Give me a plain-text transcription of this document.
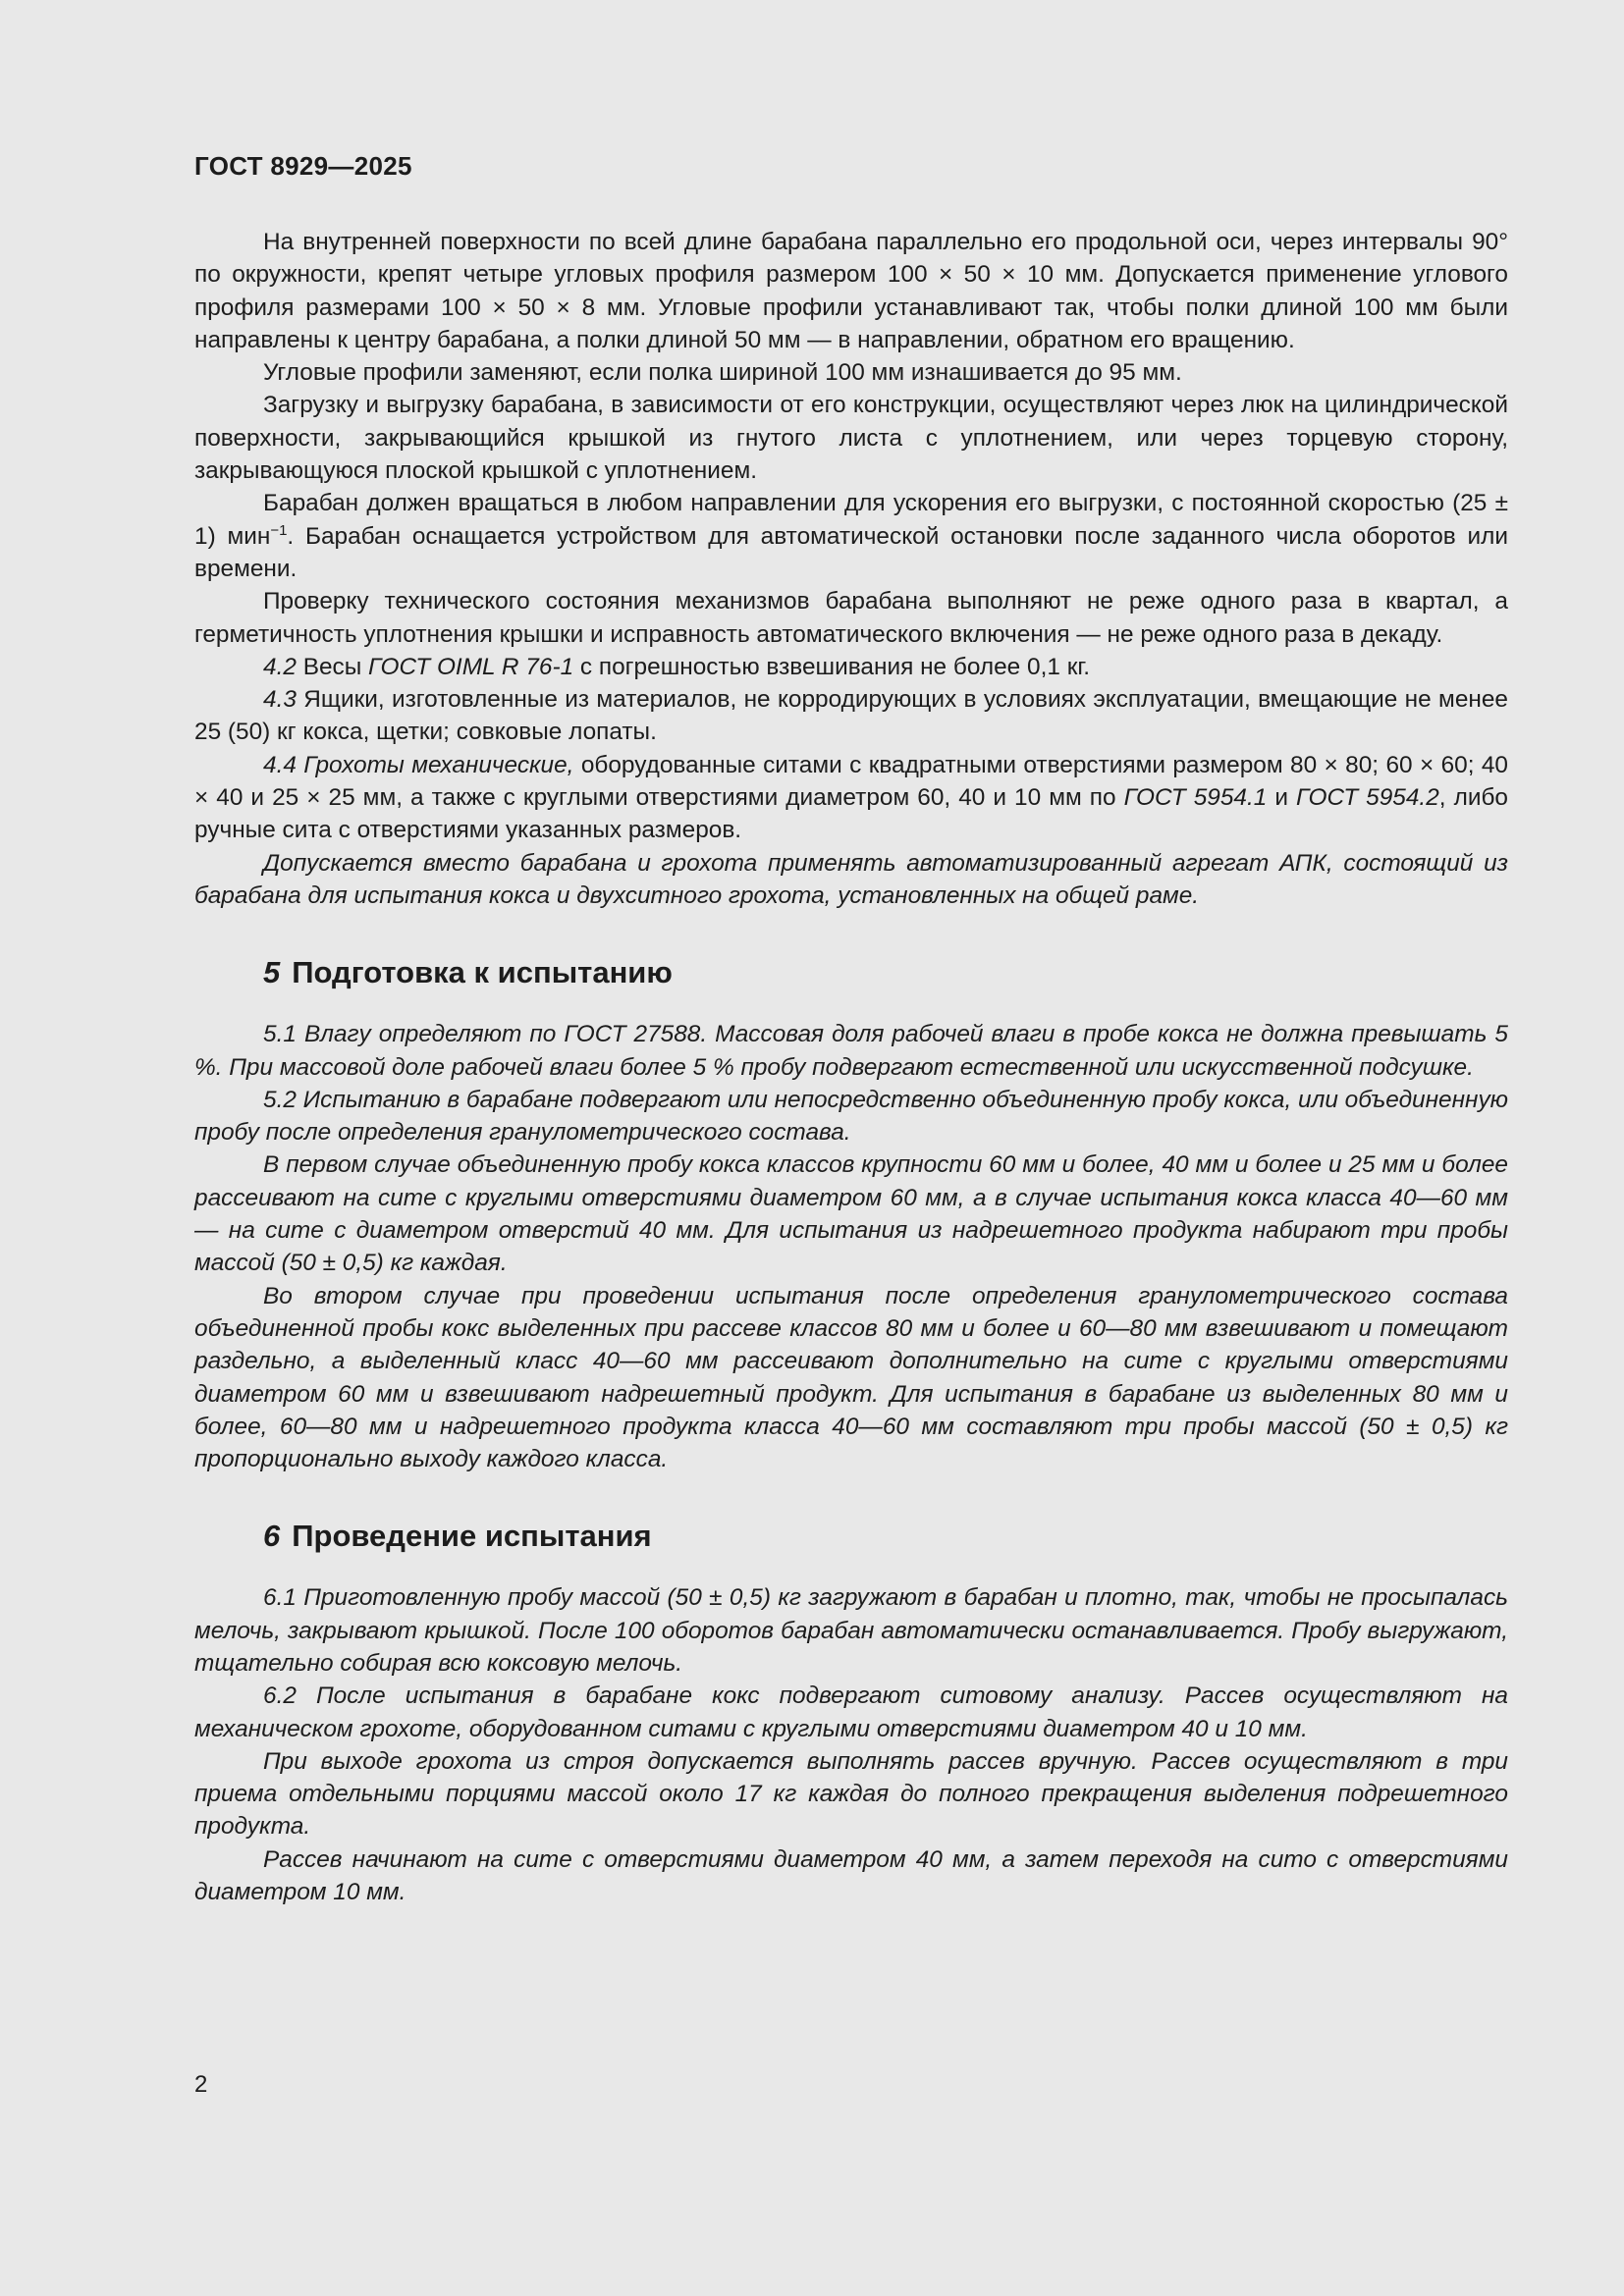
ГОСТ 8929—2025

На внутренней поверхности по всей длине барабана параллельно его продольной оси, через интервалы 90° по окружности, крепят четыре угловых профиля размером 100 × 50 × 10 мм. Допускается применение углового профиля размерами 100 × 50 × 8 мм. Угловые профили устанавливают так, чтобы полки длиной 100 мм были направлены к центру барабана, а полки длиной 50 мм — в направлении, обратном его вращению.

Угловые профили заменяют, если полка шириной 100 мм изнашивается до 95 мм.

Загрузку и выгрузку барабана, в зависимости от его конструкции, осуществляют через люк на цилиндрической поверхности, закрывающийся крышкой из гнутого листа с уплотнением, или через торцевую сторону, закрывающуюся плоской крышкой с уплотнением.

Барабан должен вращаться в любом направлении для ускорения его выгрузки, с постоянной скоростью (25 ± 1) мин$^{-1}$. Барабан оснащается устройством для автоматической остановки после заданного числа оборотов или времени.

Проверку технического состояния механизмов барабана выполняют не реже одного раза в квартал, а герметичность уплотнения крышки и исправность автоматического включения — не реже одного раза в декаду.

4.2 Весы ГОСТ OIML R 76-1 с погрешностью взвешивания не более 0,1 кг.

4.3 Ящики, изготовленные из материалов, не корродирующих в условиях эксплуатации, вмещающие не менее 25 (50) кг кокса, щетки; совковые лопаты.

4.4 Грохоты механические, оборудованные ситами с квадратными отверстиями размером 80 × 80; 60 × 60; 40 × 40 и 25 × 25 мм, а также с круглыми отверстиями диаметром 60, 40 и 10 мм по ГОСТ 5954.1 и ГОСТ 5954.2, либо ручные сита с отверстиями указанных размеров.

Допускается вместо барабана и грохота применять автоматизированный агрегат АПК, состоящий из барабана для испытания кокса и двухситного грохота, установленных на общей раме.

5 Подготовка к испытанию

5.1 Влагу определяют по ГОСТ 27588. Массовая доля рабочей влаги в пробе кокса не должна превышать 5 %. При массовой доле рабочей влаги более 5 % пробу подвергают естественной или искусственной подсушке.

5.2 Испытанию в барабане подвергают или непосредственно объединенную пробу кокса, или объединенную пробу после определения гранулометрического состава.

В первом случае объединенную пробу кокса классов крупности 60 мм и более, 40 мм и более и 25 мм и более рассеивают на сите с круглыми отверстиями диаметром 60 мм, а в случае испытания кокса класса 40—60 мм — на сите с диаметром отверстий 40 мм. Для испытания из надрешетного продукта набирают три пробы массой (50 ± 0,5) кг каждая.

Во втором случае при проведении испытания после определения гранулометрического состава объединенной пробы кокс выделенных при рассеве классов 80 мм и более и 60—80 мм взвешивают и помещают раздельно, а выделенный класс 40—60 мм рассеивают дополнительно на сите с круглыми отверстиями диаметром 60 мм и взвешивают надрешетный продукт. Для испытания в барабане из выделенных 80 мм и более, 60—80 мм и надрешетного продукта класса 40—60 мм составляют три пробы массой (50 ± 0,5) кг пропорционально выходу каждого класса.

6 Проведение испытания

6.1 Приготовленную пробу массой (50 ± 0,5) кг загружают в барабан и плотно, так, чтобы не просыпалась мелочь, закрывают крышкой. После 100 оборотов барабан автоматически останавливается. Пробу выгружают, тщательно собирая всю коксовую мелочь.

6.2 После испытания в барабане кокс подвергают ситовому анализу. Рассев осуществляют на механическом грохоте, оборудованном ситами с круглыми отверстиями диаметром 40 и 10 мм.

При выходе грохота из строя допускается выполнять рассев вручную. Рассев осуществляют в три приема отдельными порциями массой около 17 кг каждая до полного прекращения выделения подрешетного продукта.

Рассев начинают на сите с отверстиями диаметром 40 мм, а затем переходя на сито с отверстиями диаметром 10 мм.

2
